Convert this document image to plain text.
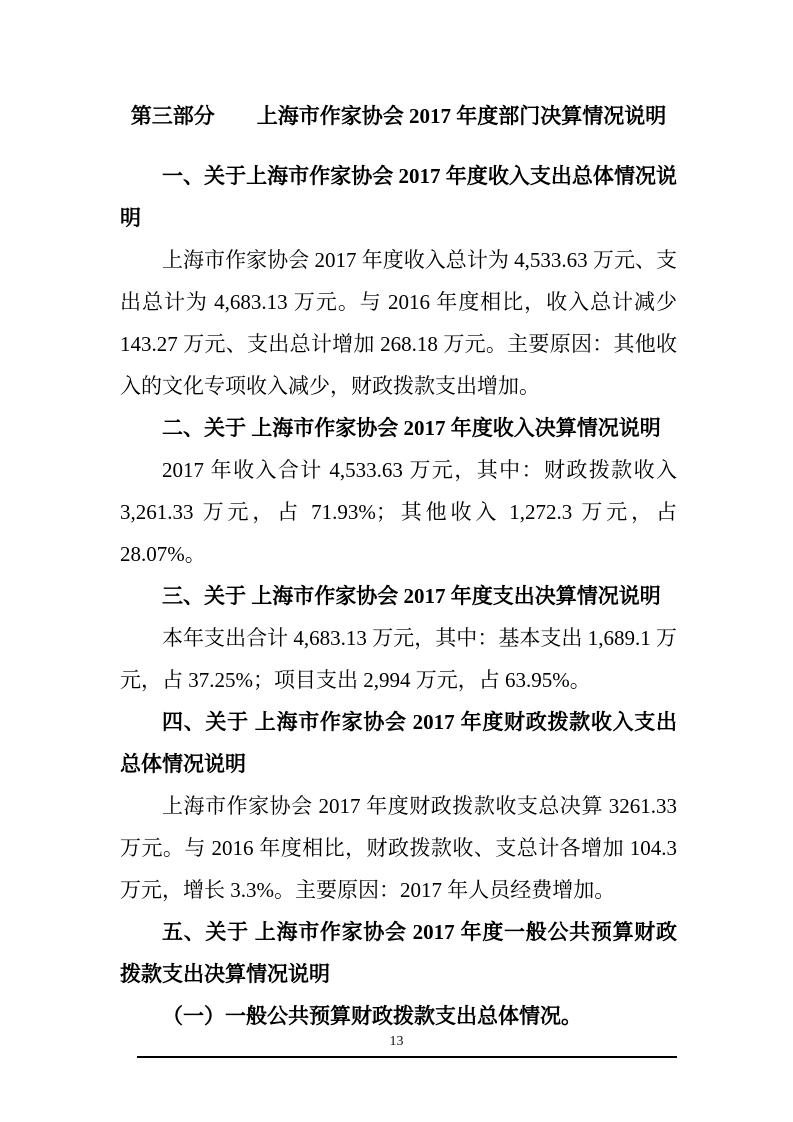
第三部分　　上海市作家协会 2017 年度部门决算情况说明

一、关于上海市作家协会 2017 年度收入支出总体情况说明

上海市作家协会 2017 年度收入总计为 4,533.63 万元、支出总计为 4,683.13 万元。与 2016 年度相比，收入总计减少 143.27 万元、支出总计增加 268.18 万元。主要原因：其他收入的文化专项收入减少，财政拨款支出增加。

二、关于 上海市作家协会 2017 年度收入决算情况说明

2017 年收入合计 4,533.63 万元，其中：财政拨款收入 3,261.33 万元，占 71.93%；其他收入 1,272.3 万元，占 28.07%。

三、关于 上海市作家协会 2017 年度支出决算情况说明

本年支出合计 4,683.13 万元，其中：基本支出 1,689.1 万元，占 37.25%；项目支出 2,994 万元，占 63.95%。

四、关于 上海市作家协会 2017 年度财政拨款收入支出总体情况说明

上海市作家协会 2017 年度财政拨款收支总决算 3261.33 万元。与 2016 年度相比，财政拨款收、支总计各增加 104.3 万元，增长 3.3%。主要原因：2017 年人员经费增加。

五、关于 上海市作家协会 2017 年度一般公共预算财政拨款支出决算情况说明

（一）一般公共预算财政拨款支出总体情况。

13
